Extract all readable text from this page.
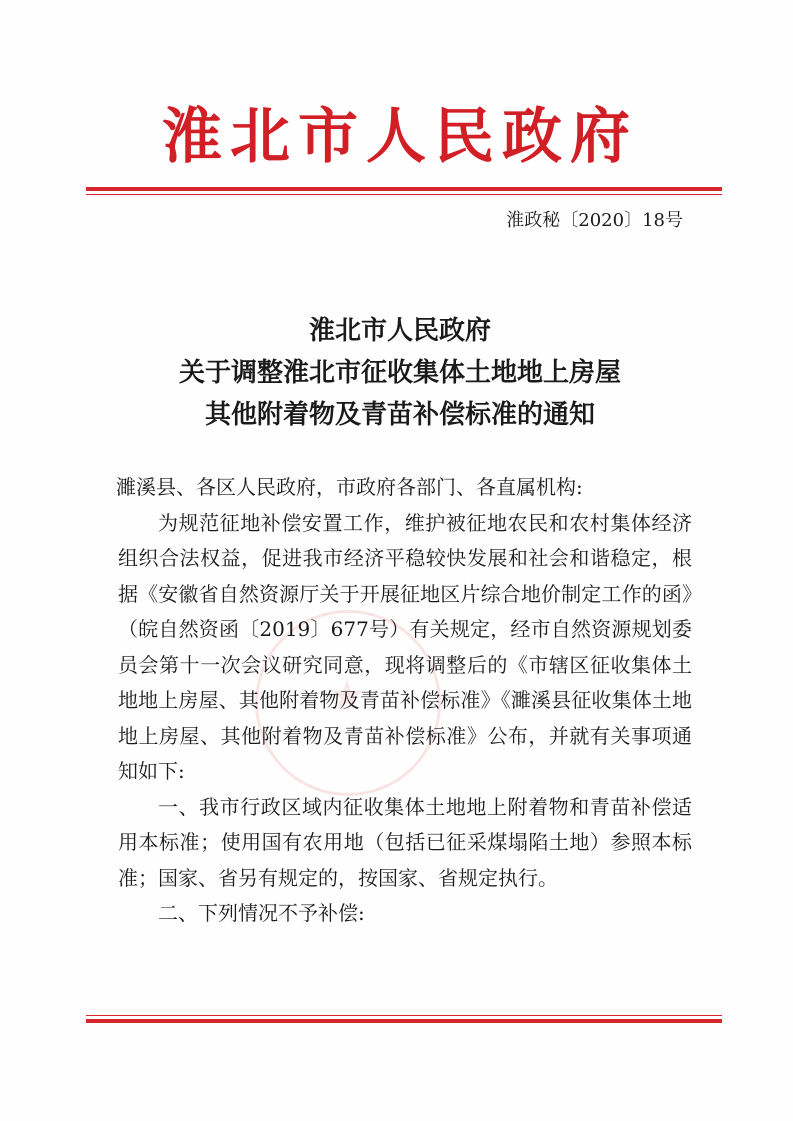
淮北市人民政府
淮政秘〔2020〕18号
淮北市人民政府
关于调整淮北市征收集体土地地上房屋
其他附着物及青苗补偿标准的通知

濉溪县、各区人民政府，市政府各部门、各直属机构:

为规范征地补偿安置工作，维护被征地农民和农村集体经济组织合法权益，促进我市经济平稳较快发展和社会和谐稳定，根据《安徽省自然资源厅关于开展征地区片综合地价制定工作的函》（皖自然资函〔2019〕677号）有关规定，经市自然资源规划委员会第十一次会议研究同意，现将调整后的《市辖区征收集体土地地上房屋、其他附着物及青苗补偿标准》《濉溪县征收集体土地地上房屋、其他附着物及青苗补偿标准》公布，并就有关事项通知如下:

一、我市行政区域内征收集体土地地上附着物和青苗补偿适用本标准；使用国有农用地（包括已征采煤塌陷土地）参照本标准；国家、省另有规定的，按国家、省规定执行。

二、下列情况不予补偿:
